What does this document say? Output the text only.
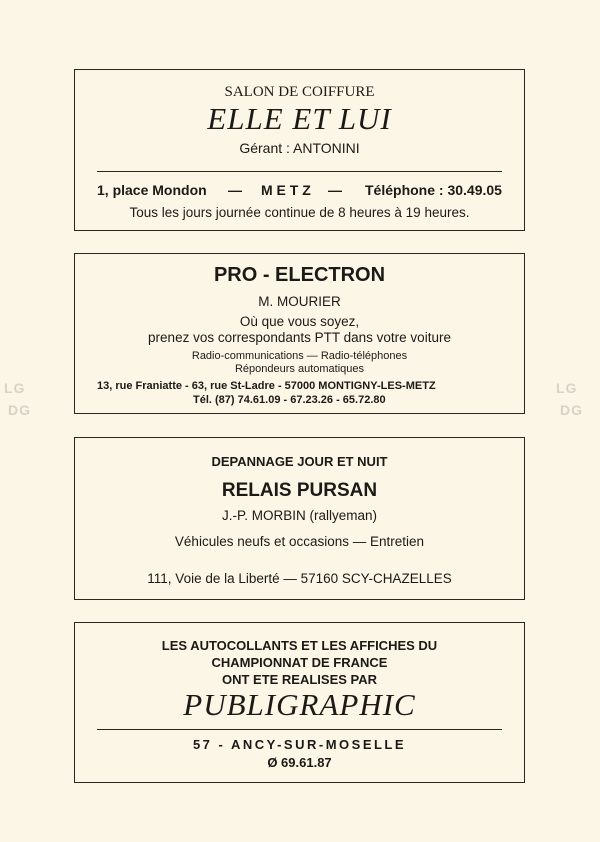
LG
DG
LG
DG
SALON DE COIFFURE
ELLE ET LUI
Gérant : ANTONINI
1, place Mondon — M E T Z — Téléphone : 30.49.05
Tous les jours journée continue de 8 heures à 19 heures.
PRO - ELECTRON
M. MOURIER
Où que vous soyez,
prenez vos correspondants PTT dans votre voiture
Radio-communications — Radio-téléphones
Répondeurs automatiques
13, rue Franiatte - 63, rue St-Ladre - 57000 MONTIGNY-LES-METZ
Tél. (87) 74.61.09 - 67.23.26 - 65.72.80
DEPANNAGE JOUR ET NUIT
RELAIS PURSAN
J.-P. MORBIN (rallyeman)
Véhicules neufs et occasions — Entretien
111, Voie de la Liberté — 57160 SCY-CHAZELLES
LES AUTOCOLLANTS ET LES AFFICHES DU
CHAMPIONNAT DE FRANCE
ONT ETE REALISES PAR
PUBLIGRAPHIC
57 - ANCY-SUR-MOSELLE
Ø 69.61.87
